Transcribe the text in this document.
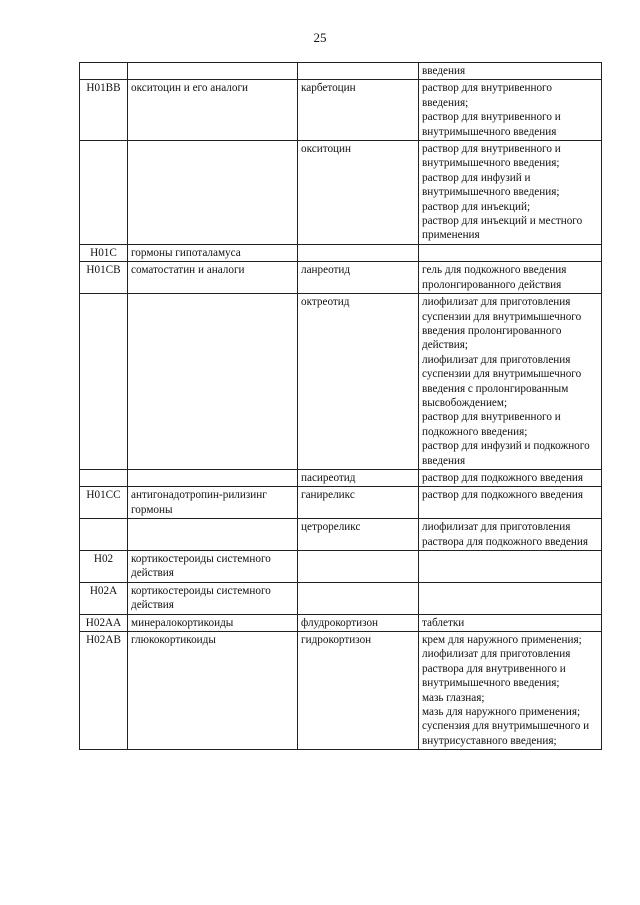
25

			введения

H01BB	окситоцин и его аналоги	карбетоцин	раствор для внутривенного введения;
раствор для внутривенного и внутримышечного введения

		окситоцин	раствор для внутривенного и внутримышечного введения;
раствор для инфузий и внутримышечного введения;
раствор для инъекций;
раствор для инъекций и местного применения

H01C	гормоны гипоталамуса		
H01CB	соматостатин и аналоги	ланреотид	гель для подкожного введения пролонгированного действия

		октреотид	лиофилизат для приготовления суспензии для внутримышечного введения пролонгированного действия;
лиофилизат для приготовления суспензии для внутримышечного введения с пролонгированным высвобождением;
раствор для внутривенного и подкожного введения;
раствор для инфузий и подкожного введения

		пасиреотид	раствор для подкожного введения

H01CC	антигонадотропин-рилизинг гормоны	ганиреликс	раствор для подкожного введения

		цетрореликс	лиофилизат для приготовления раствора для подкожного введения

H02	кортикостероиды системного действия		
H02A	кортикостероиды системного действия		
H02AA	минералокортикоиды	флудрокортизон	таблетки

H02AB	глюкокортикоиды	гидрокортизон	крем для наружного применения;
лиофилизат для приготовления раствора для внутривенного и внутримышечного введения;
мазь глазная;
мазь для наружного применения;
суспензия для внутримышечного и внутрисуставного введения;
